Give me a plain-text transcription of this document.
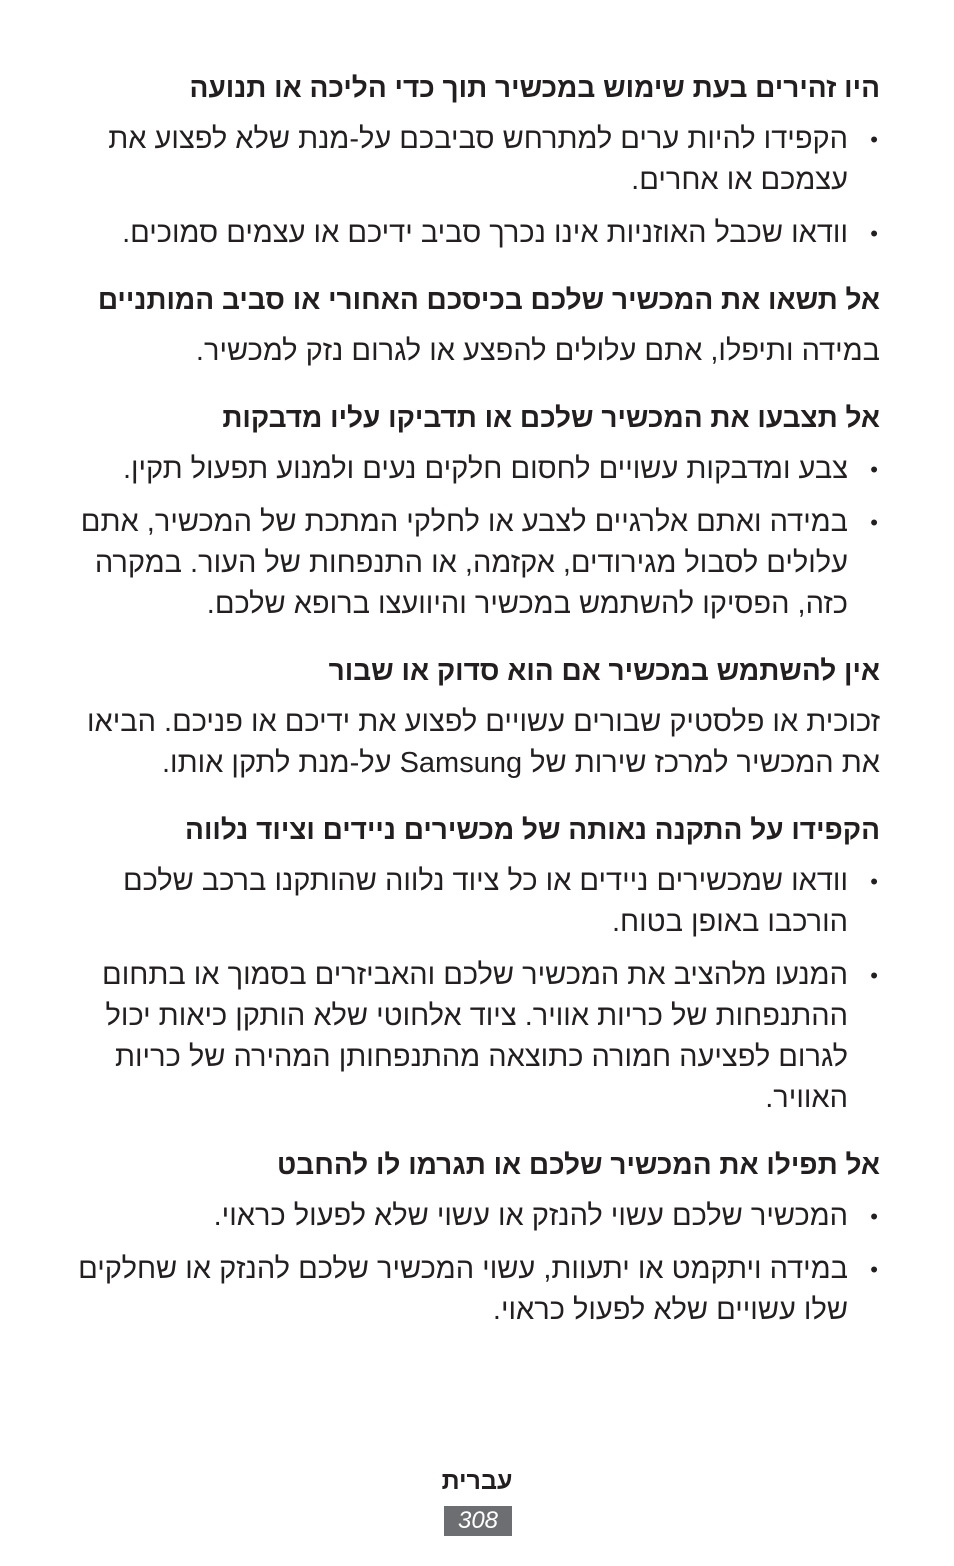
היו זהירים בעת שימוש במכשיר תוך כדי הליכה או תנועה
•
הקפידו להיות ערים למתרחש סביבכם על-מנת שלא לפצוע את עצמכם או אחרים.
•
וודאו שכבל האוזניות אינו נכרך סביב ידיכם או עצמים סמוכים.
אל תשאו את המכשיר שלכם בכיסכם האחורי או סביב המותניים

במידה ותיפלו, אתם עלולים להפצע או לגרום נזק למכשיר.

אל תצבעו את המכשיר שלכם או תדביקו עליו מדבקות
•
צבע ומדבקות עשויים לחסום חלקים נעים ולמנוע תפעול תקין.
•
במידה ואתם אלרגיים לצבע או לחלקי המתכת של המכשיר, אתם עלולים לסבול מגירודים, אקזמה, או התנפחות של העור. במקרה כזה, הפסיקו להשתמש במכשיר והיוועצו ברופא שלכם.
אין להשתמש במכשיר אם הוא סדוק או שבור

זכוכית או פלסטיק שבורים עשויים לפצוע את ידיכם או פניכם. הביאו את המכשיר למרכז שירות של Samsung על-מנת לתקן אותו.

הקפידו על התקנה נאותה של מכשירים ניידים וציוד נלווה
•
וודאו שמכשירים ניידים או כל ציוד נלווה שהותקנו ברכב שלכם הורכבו באופן בטוח.
•
המנעו מלהציב את המכשיר שלכם והאביזרים בסמוך או בתחום ההתנפחות של כריות אוויר. ציוד אלחוטי שלא הותקן כיאות יכול לגרום לפציעה חמורה כתוצאה מהתנפחותן המהירה של כריות האוויר.
אל תפילו את המכשיר שלכם או תגרמו לו להחבט
•
המכשיר שלכם עשוי להנזק או עשוי שלא לפעול כראוי.
•
במידה ויתקמט או יתעוות, עשוי המכשיר שלכם להנזק או שחלקים שלו עשויים שלא לפעול כראוי.
עברית
308
